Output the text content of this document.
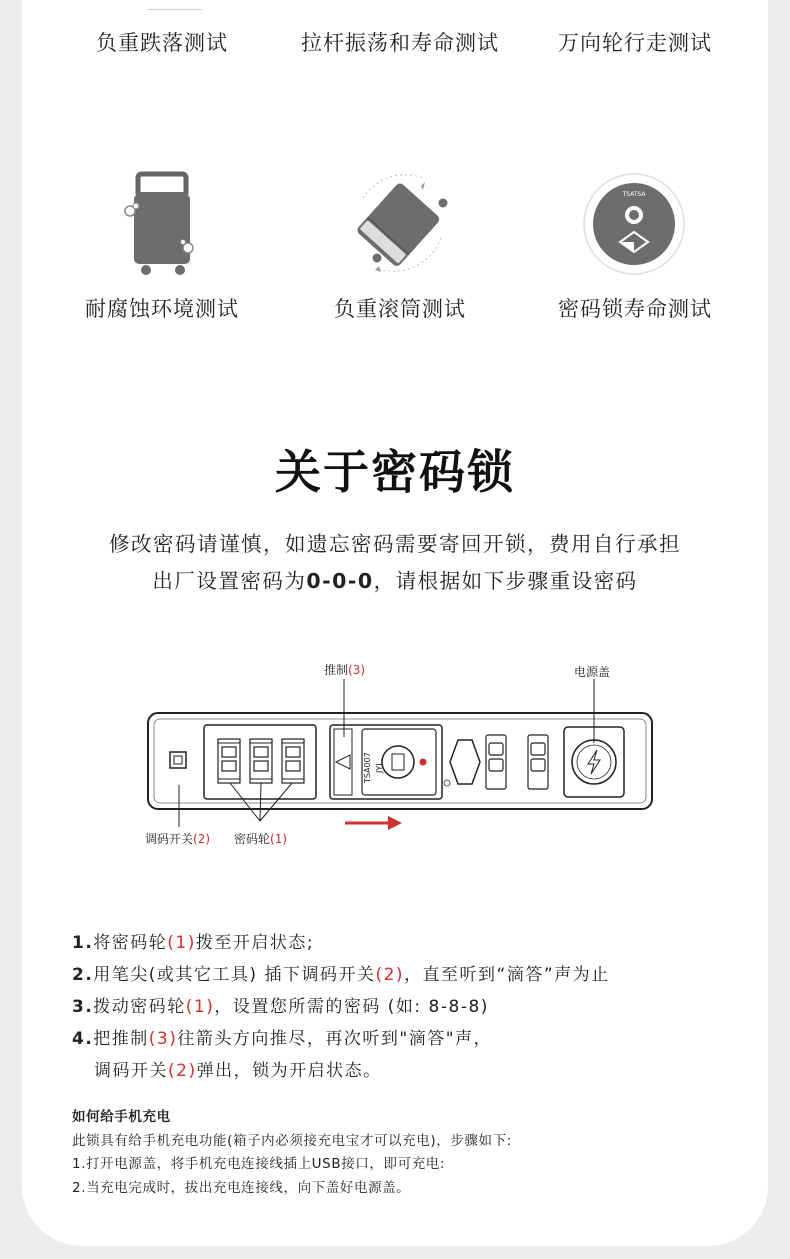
负重跌落测试	拉杆振荡和寿命测试	万向轮行走测试
TSATSA
耐腐蚀环境测试	负重滚筒测试	密码锁寿命测试
关于密码锁
修改密码请谨慎，如遗忘密码需要寄回开锁，费用自行承担
出厂设置密码为0-0-0，请根据如下步骤重设密码
TSA007 JYL
推制(3)	电源盖
调码开关(2) 密码轮(1)
1.将密码轮(1)拨至开启状态;
2.用笔尖(或其它工具) 插下调码开关(2)，直至听到“滴答”声为止
3.拨动密码轮(1)，设置您所需的密码 (如: 8-8-8)
4.把推制(3)往箭头方向推尽，再次听到"滴答"声，
调码开关(2)弹出，锁为开启状态。
如何给手机充电
此锁具有给手机充电功能(箱子内必须接充电宝才可以充电)，步骤如下:
1.打开电源盖，将手机充电连接线插上USB接口，即可充电:
2.当充电完成时，拔出充电连接线，向下盖好电源盖。
